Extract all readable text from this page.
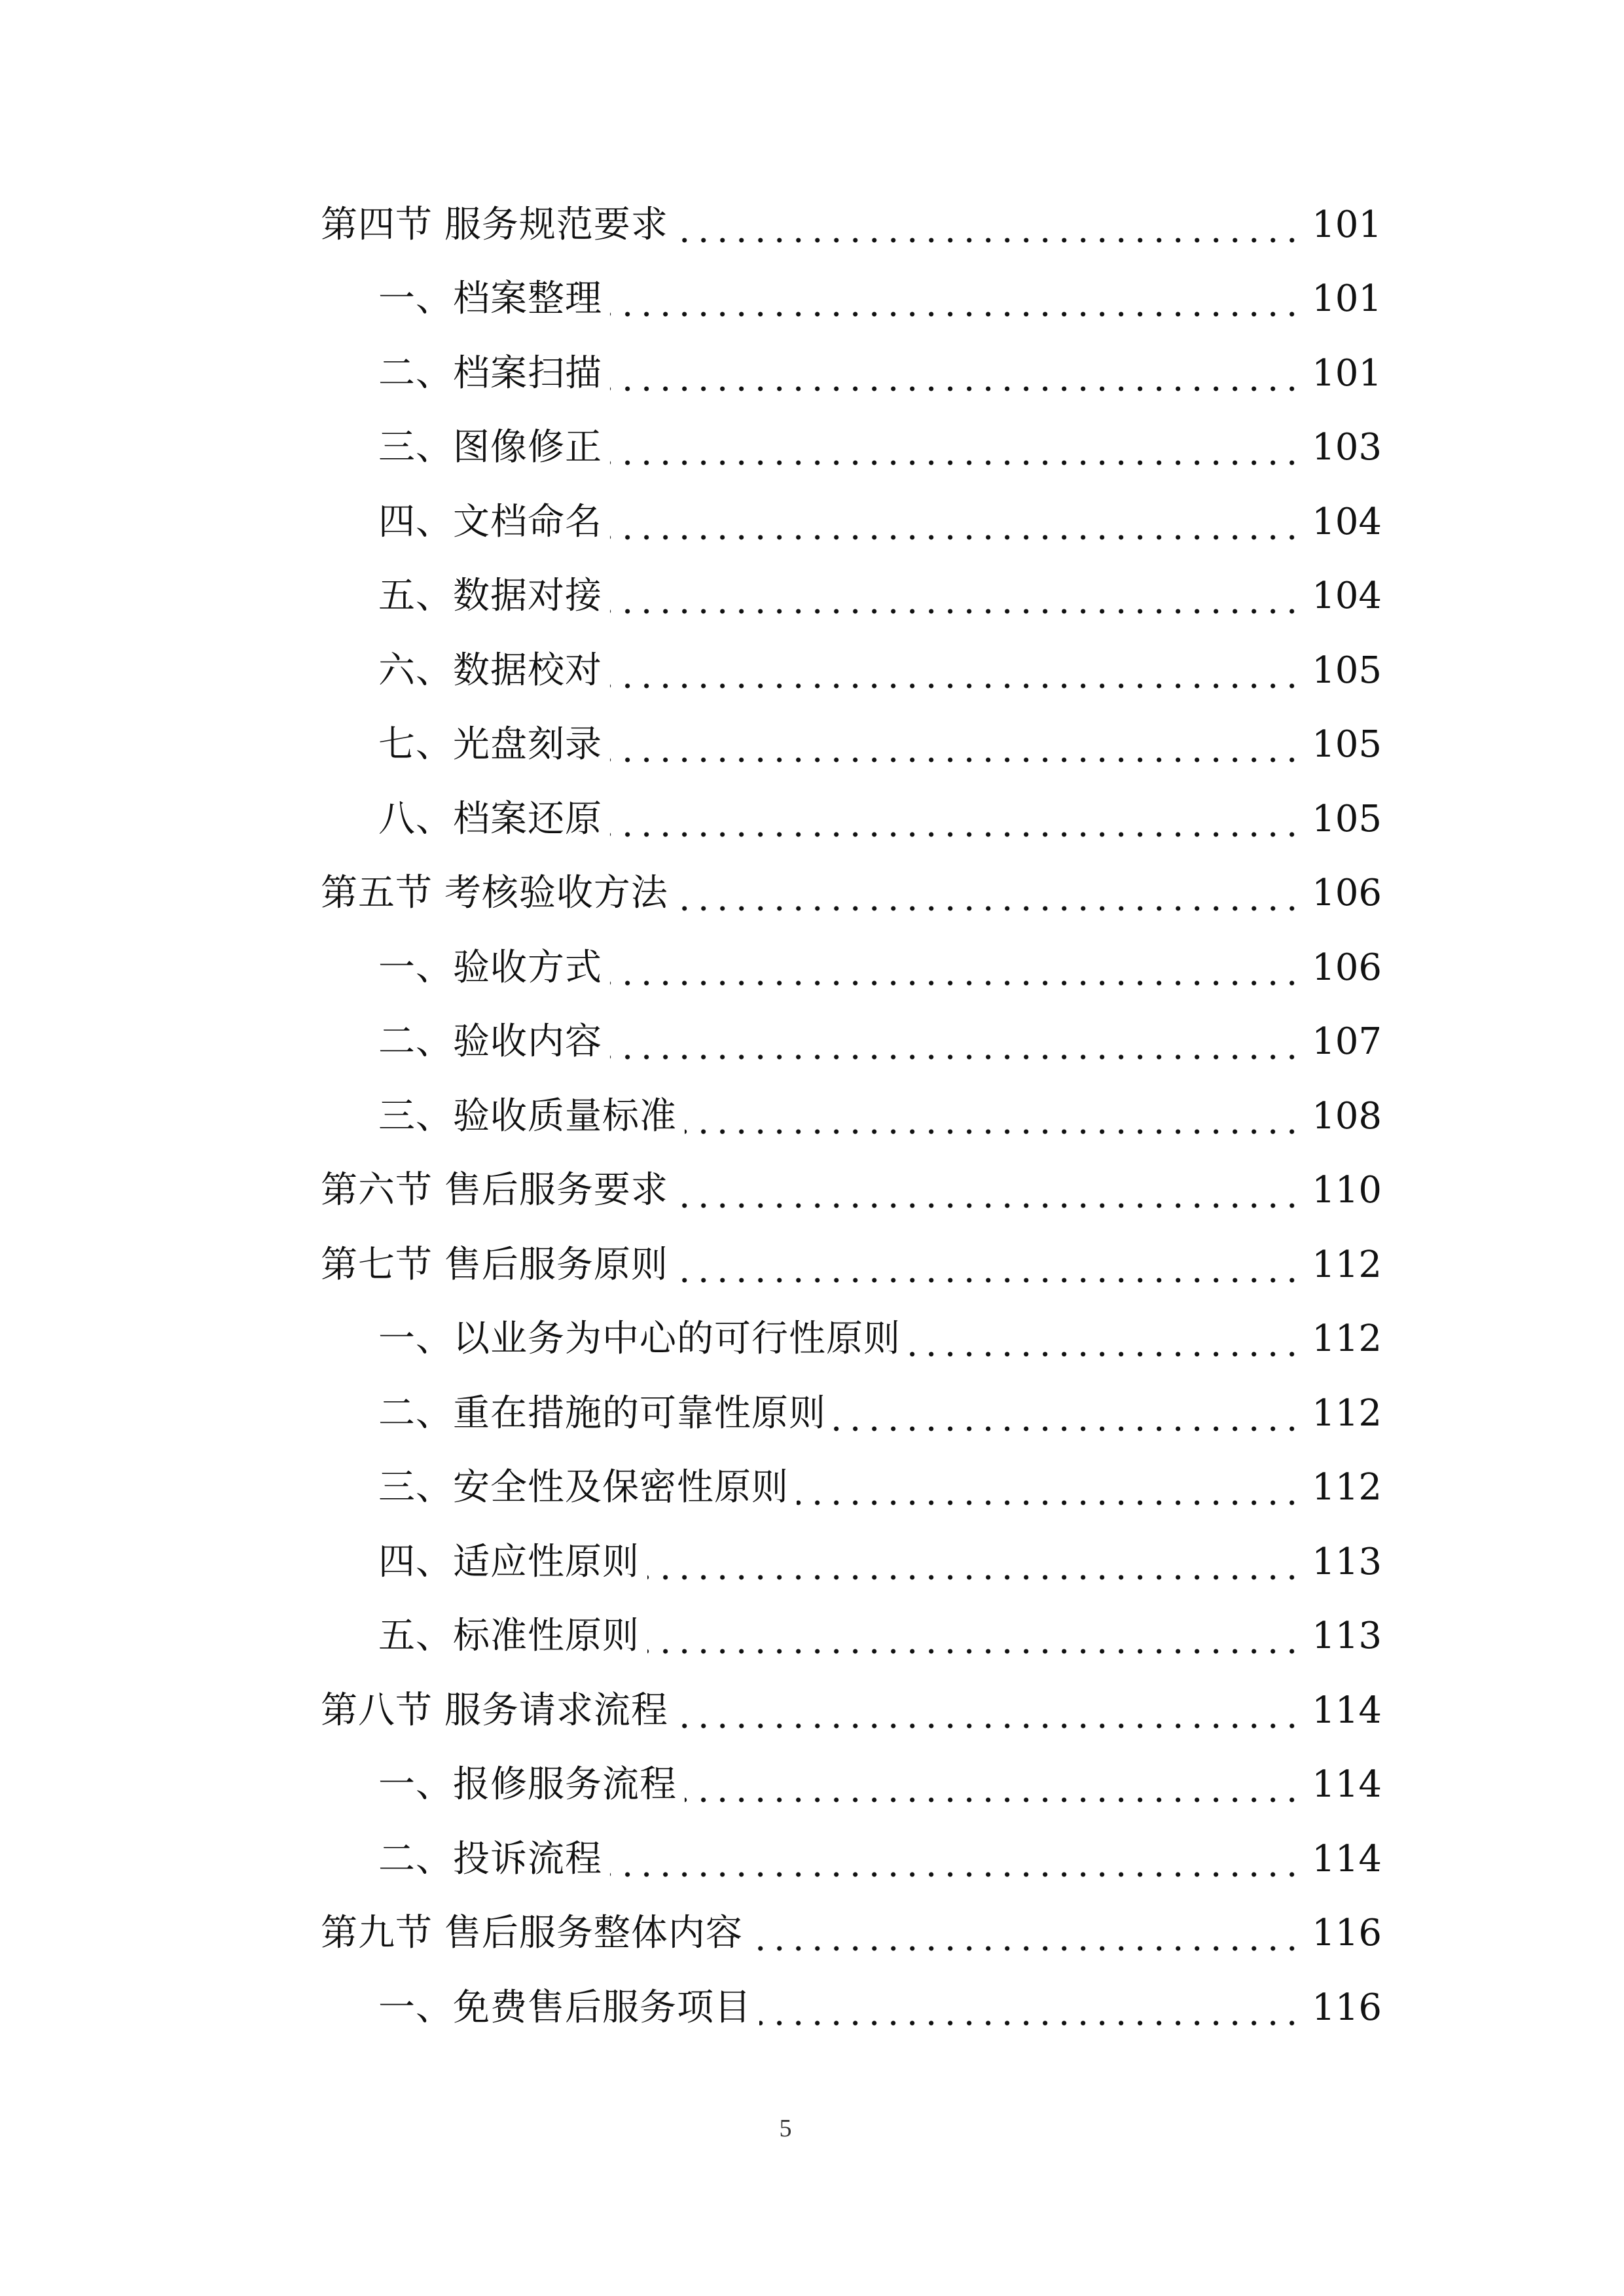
第四节 服务规范要求	101
一、档案整理	101
二、档案扫描	101
三、图像修正	103
四、文档命名	104
五、数据对接	104
六、数据校对	105
七、光盘刻录	105
八、档案还原	105
第五节 考核验收方法	106
一、验收方式	106
二、验收内容	107
三、验收质量标准	108
第六节 售后服务要求	110
第七节 售后服务原则	112
一、以业务为中心的可行性原则	112
二、重在措施的可靠性原则	112
三、安全性及保密性原则	112
四、适应性原则	113
五、标准性原则	113
第八节 服务请求流程	114
一、报修服务流程	114
二、投诉流程	114
第九节 售后服务整体内容	116
一、免费售后服务项目	116
5
